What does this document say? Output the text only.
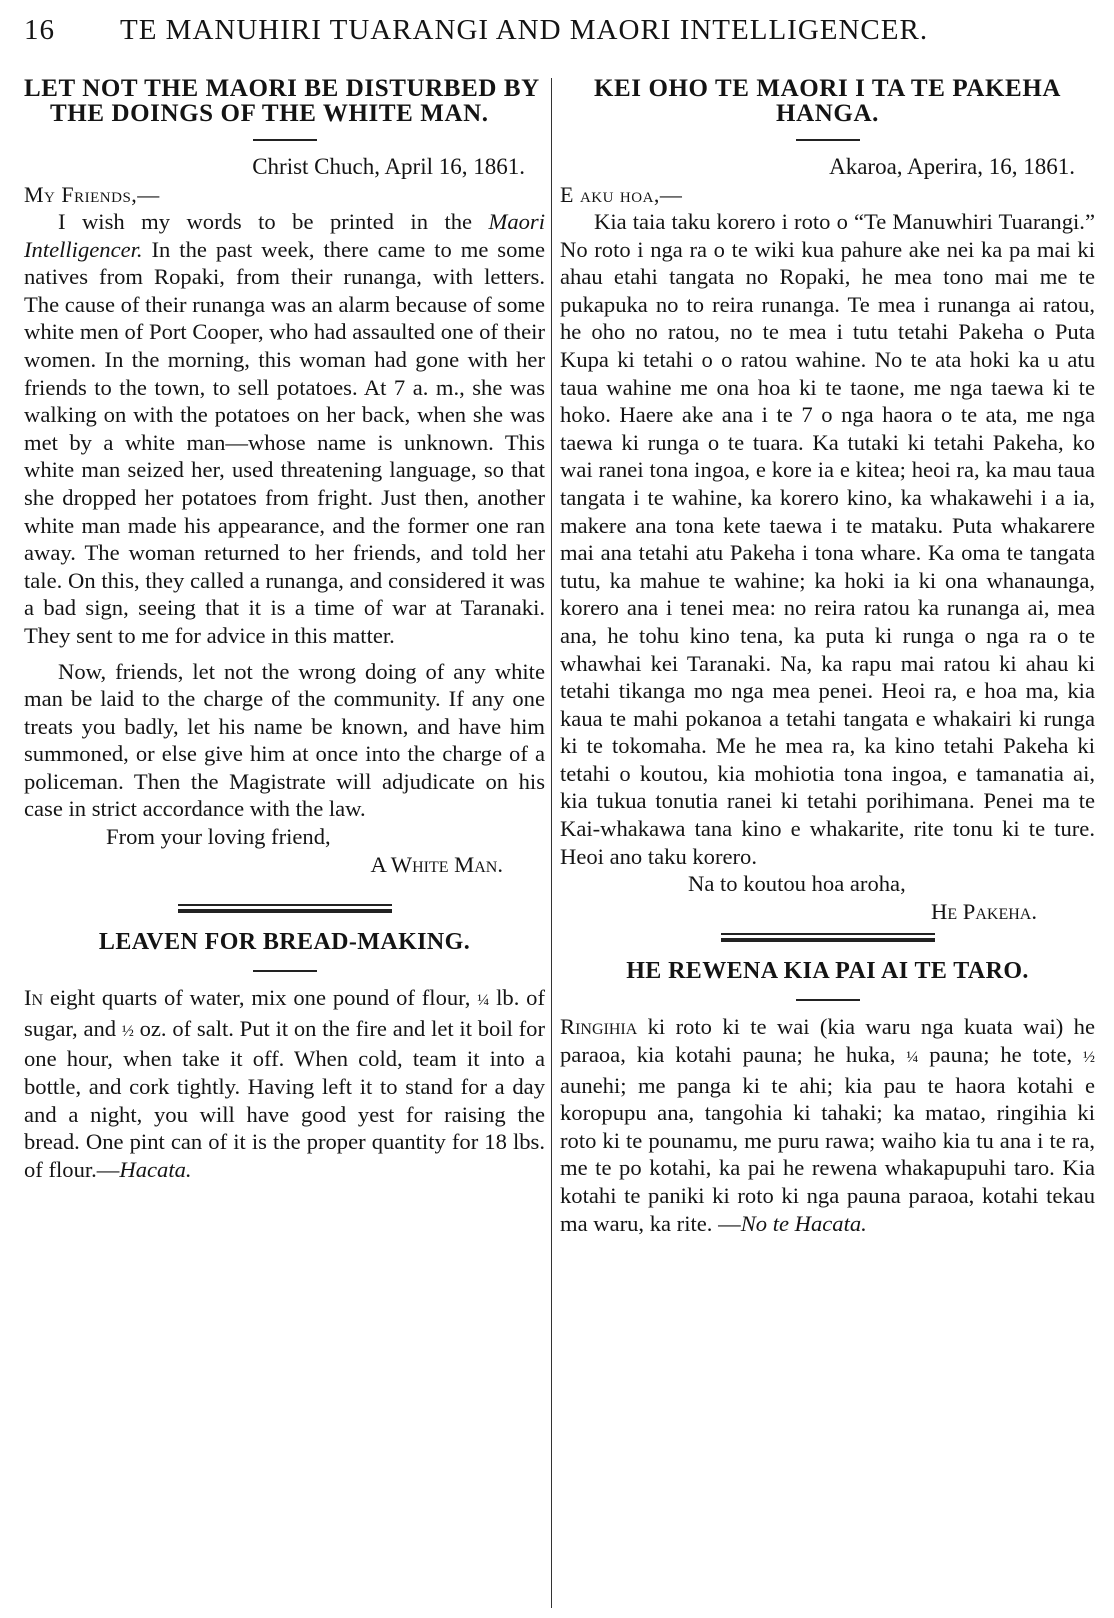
16 TE MANUHIRI TUARANGI AND MAORI INTELLIGENCER.
LET NOT THE MAORI BE DISTURBED BY THE DOINGS OF THE WHITE MAN.
Christ Chuch, April 16, 1861.
My Friends,—

I wish my words to be printed in the Maori Intelligencer. In the past week, there came to me some natives from Ropaki, from their runanga, with letters. The cause of their runanga was an alarm because of some white men of Port Cooper, who had assaulted one of their women. In the morning, this woman had gone with her friends to the town, to sell potatoes. At 7 a. m., she was walking on with the potatoes on her back, when she was met by a white man—whose name is unknown. This white man seized her, used threatening language, so that she dropped her potatoes from fright. Just then, another white man made his appearance, and the former one ran away. The woman returned to her friends, and told her tale. On this, they called a runanga, and considered it was a bad sign, seeing that it is a time of war at Taranaki. They sent to me for advice in this matter.

Now, friends, let not the wrong doing of any white man be laid to the charge of the community. If any one treats you badly, let his name be known, and have him summoned, or else give him at once into the charge of a policeman. Then the Magistrate will adjudicate on his case in strict accordance with the law.

From your loving friend,

A White Man.

LEAVEN FOR BREAD-MAKING.

In eight quarts of water, mix one pound of flour, ¼ lb. of sugar, and ½ oz. of salt. Put it on the fire and let it boil for one hour, when take it off. When cold, team it into a bottle, and cork tightly. Having left it to stand for a day and a night, you will have good yest for raising the bread. One pint can of it is the proper quantity for 18 lbs. of flour.—Hacata.

KEI OHO TE MAORI I TA TE PAKEHA HANGA.
Akaroa, Aperira, 16, 1861.
E aku hoa,—

Kia taia taku korero i roto o “Te Manuwhiri Tuarangi.” No roto i nga ra o te wiki kua pahure ake nei ka pa mai ki ahau etahi tangata no Ropaki, he mea tono mai me te pukapuka no to reira runanga. Te mea i runanga ai ratou, he oho no ratou, no te mea i tutu tetahi Pakeha o Puta Kupa ki tetahi o o ratou wahine. No te ata hoki ka u atu taua wahine me ona hoa ki te taone, me nga taewa ki te hoko. Haere ake ana i te 7 o nga haora o te ata, me nga taewa ki runga o te tuara. Ka tutaki ki tetahi Pakeha, ko wai ranei tona ingoa, e kore ia e kitea; heoi ra, ka mau taua tangata i te wahine, ka korero kino, ka whakawehi i a ia, makere ana tona kete taewa i te mataku. Puta whakarere mai ana tetahi atu Pakeha i tona whare. Ka oma te tangata tutu, ka mahue te wahine; ka hoki ia ki ona whanaunga, korero ana i tenei mea: no reira ratou ka runanga ai, mea ana, he tohu kino tena, ka puta ki runga o nga ra o te whawhai kei Taranaki. Na, ka rapu mai ratou ki ahau ki tetahi tikanga mo nga mea penei. Heoi ra, e hoa ma, kia kaua te mahi pokanoa a tetahi tangata e whakairi ki runga ki te tokomaha. Me he mea ra, ka kino tetahi Pakeha ki tetahi o koutou, kia mohiotia tona ingoa, e tamanatia ai, kia tukua tonutia ranei ki tetahi porihimana. Penei ma te Kai-whakawa tana kino e whakarite, rite tonu ki te ture. Heoi ano taku korero.

Na to koutou hoa aroha,

He Pakeha.

HE REWENA KIA PAI AI TE TARO.

Ringihia ki roto ki te wai (kia waru nga kuata wai) he paraoa, kia kotahi pauna; he huka, ¼ pauna; he tote, ½ aunehi; me panga ki te ahi; kia pau te haora kotahi e koropupu ana, tangohia ki tahaki; ka matao, ringihia ki roto ki te pounamu, me puru rawa; waiho kia tu ana i te ra, me te po kotahi, ka pai he rewena whakapupuhi taro. Kia kotahi te paniki ki roto ki nga pauna paraoa, kotahi tekau ma waru, ka rite. —No te Hacata.
